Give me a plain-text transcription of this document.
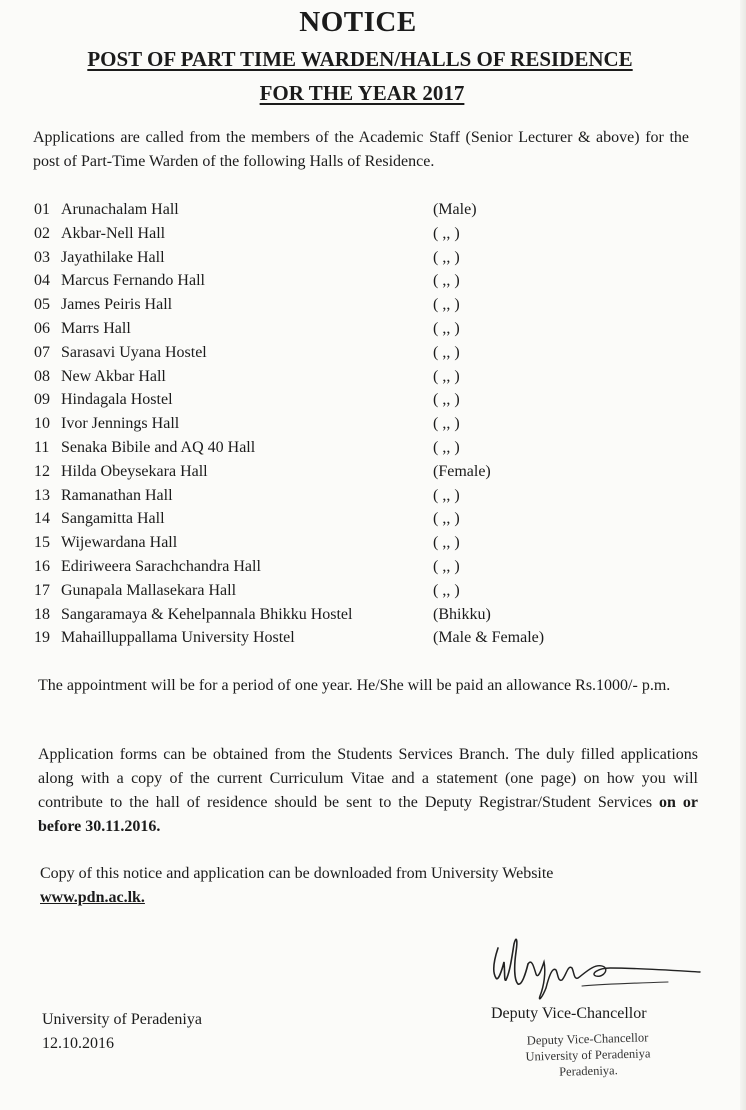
NOTICE
POST OF PART TIME WARDEN/HALLS OF RESIDENCE
FOR THE YEAR 2017
Applications are called from the members of the Academic Staff (Senior Lecturer & above) for the post of Part-Time Warden of the following Halls of Residence.
01 Arunachalam Hall	(Male)
02 Akbar-Nell Hall	( ,, )
03 Jayathilake Hall	( ,, )
04 Marcus Fernando Hall	( ,, )
05 James Peiris Hall	( ,, )
06 Marrs Hall	( ,, )
07 Sarasavi Uyana Hostel	( ,, )
08 New Akbar Hall	( ,, )
09 Hindagala Hostel	( ,, )
10 Ivor Jennings Hall	( ,, )
11 Senaka Bibile and AQ 40 Hall	( ,, )
12 Hilda Obeysekara Hall	(Female)
13 Ramanathan Hall	( ,, )
14 Sangamitta Hall	( ,, )
15 Wijewardana Hall	( ,, )
16 Ediriweera Sarachchandra Hall	( ,, )
17 Gunapala Mallasekara Hall	( ,, )
18 Sangaramaya & Kehelpannala Bhikku Hostel	(Bhikku)
19 Mahailluppallama University Hostel	(Male & Female)
The appointment will be for a period of one year. He/She will be paid an allowance Rs.1000/- p.m.
Application forms can be obtained from the Students Services Branch. The duly filled applications along with a copy of the current Curriculum Vitae and a statement (one page) on how you will contribute to the hall of residence should be sent to the Deputy Registrar/Student Services on or before 30.11.2016.
Copy of this notice and application can be downloaded from University Website
www.pdn.ac.lk.
Deputy Vice-Chancellor
Deputy Vice-Chancellor
University of Peradeniya
Peradeniya.
University of Peradeniya
12.10.2016
